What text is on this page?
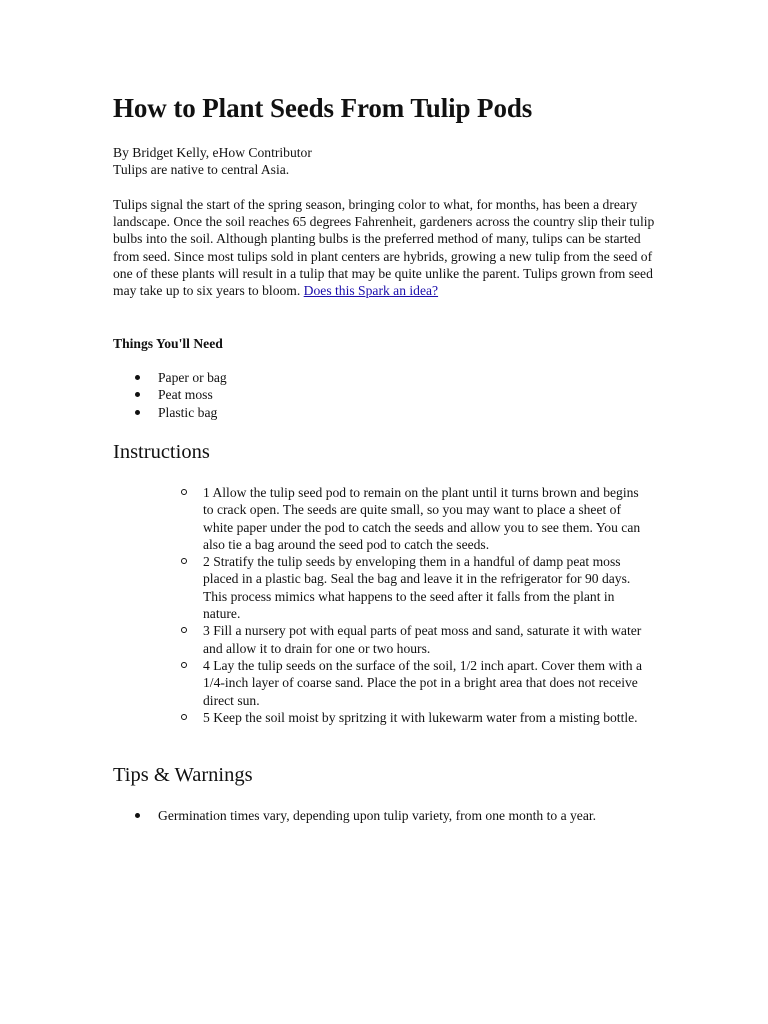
How to Plant Seeds From Tulip Pods
By Bridget Kelly, eHow Contributor
Tulips are native to central Asia.

Tulips signal the start of the spring season, bringing color to what, for months, has been a dreary landscape. Once the soil reaches 65 degrees Fahrenheit, gardeners across the country slip their tulip bulbs into the soil. Although planting bulbs is the preferred method of many, tulips can be started from seed. Since most tulips sold in plant centers are hybrids, growing a new tulip from the seed of one of these plants will result in a tulip that may be quite unlike the parent. Tulips grown from seed may take up to six years to bloom. Does this Spark an idea?

Things You'll Need

Paper or bag
Peat moss
Plastic bag
Instructions
1 Allow the tulip seed pod to remain on the plant until it turns brown and begins to crack open. The seeds are quite small, so you may want to place a sheet of white paper under the pod to catch the seeds and allow you to see them. You can also tie a bag around the seed pod to catch the seeds.
2 Stratify the tulip seeds by enveloping them in a handful of damp peat moss placed in a plastic bag. Seal the bag and leave it in the refrigerator for 90 days. This process mimics what happens to the seed after it falls from the plant in nature.
3 Fill a nursery pot with equal parts of peat moss and sand, saturate it with water and allow it to drain for one or two hours.
4 Lay the tulip seeds on the surface of the soil, 1/2 inch apart. Cover them with a 1/4-inch layer of coarse sand. Place the pot in a bright area that does not receive direct sun.
5 Keep the soil moist by spritzing it with lukewarm water from a misting bottle.
Tips & Warnings
Germination times vary, depending upon tulip variety, from one month to a year.
